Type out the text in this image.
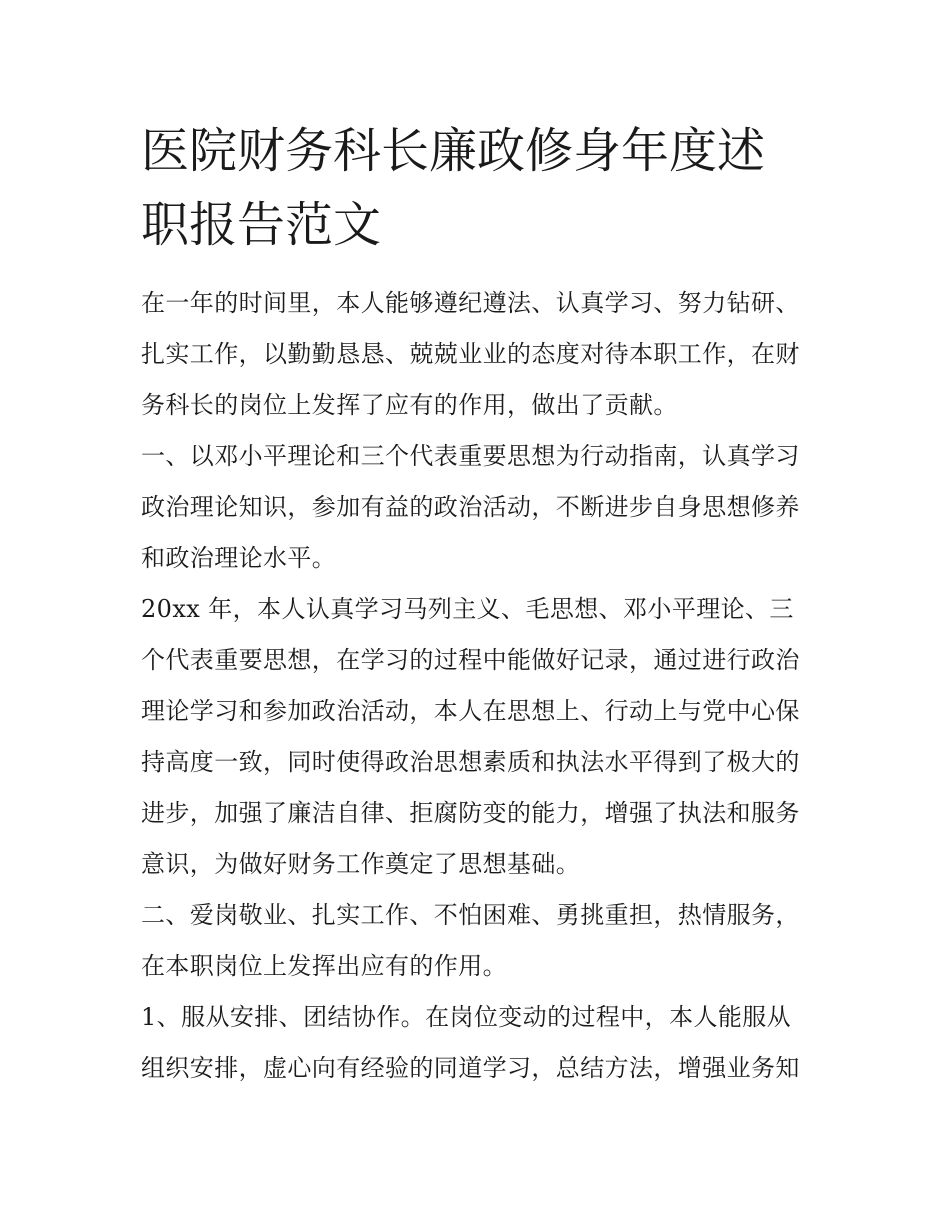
医院财务科长廉政修身年度述
职报告范文
在一年的时间里，本人能够遵纪遵法、认真学习、努力钻研、
扎实工作，以勤勤恳恳、兢兢业业的态度对待本职工作，在财
务科长的岗位上发挥了应有的作用，做出了贡献。
一、以邓小平理论和三个代表重要思想为行动指南，认真学习
政治理论知识，参加有益的政治活动，不断进步自身思想修养
和政治理论水平。
20xx 年，本人认真学习马列主义、毛思想、邓小平理论、三
个代表重要思想，在学习的过程中能做好记录，通过进行政治
理论学习和参加政治活动，本人在思想上、行动上与党中心保
持高度一致，同时使得政治思想素质和执法水平得到了极大的
进步，加强了廉洁自律、拒腐防变的能力，增强了执法和服务
意识，为做好财务工作奠定了思想基础。
二、爱岗敬业、扎实工作、不怕困难、勇挑重担，热情服务，
在本职岗位上发挥出应有的作用。
1、服从安排、团结协作。在岗位变动的过程中，本人能服从
组织安排，虚心向有经验的同道学习，总结方法，增强业务知
